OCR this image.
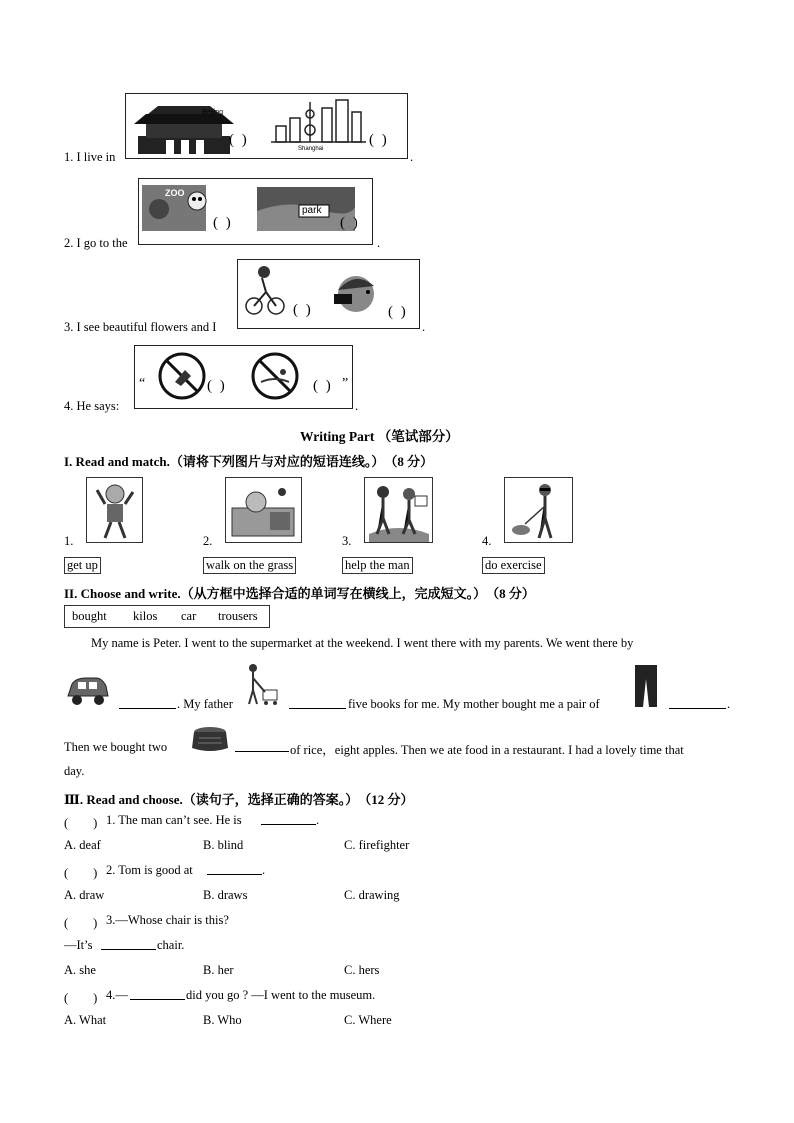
1. I live in
Beijing
Shanghai
( )	( )
.
2. I go to the
ZOO
park
( )	( )
.
3. I see beautiful flowers and I
( )	( )
.
4. He says:
“	( )	( ) ”
.
Writing Part （笔试部分）
I. Read and match.（请将下列图片与对应的短语连线。）　（8 分）
1.	2.	3.	4.
get up	walk on the grass	help the man	do exercise
II. Choose and write.（从方框中选择合适的单词写在横线上，完成短文。）　（8 分）
bought kilos car trousers
My name is Peter. I went to the supermarket at the weekend. I went there with my parents. We went there by
. My father	five books for me. My mother bought me a pair of	.
Then we bought two	of rice，eight apples. Then we ate food in a restaurant. I had a lovely time that
day.
Ⅲ. Read and choose.（读句子，选择正确的答案。）　（12 分）
(　　) 1. The man can’t see. He is	.
A. deaf	B. blind	C. firefighter
(　　) 2. Tom is good at	.
A. draw	B. draws	C. drawing
(　　) 3.—Whose chair is this?
—It’s	chair.
A. she	B. her	C. hers
(　　) 4.—	did you go ? —I went to the museum.
A. What	B. Who	C. Where
